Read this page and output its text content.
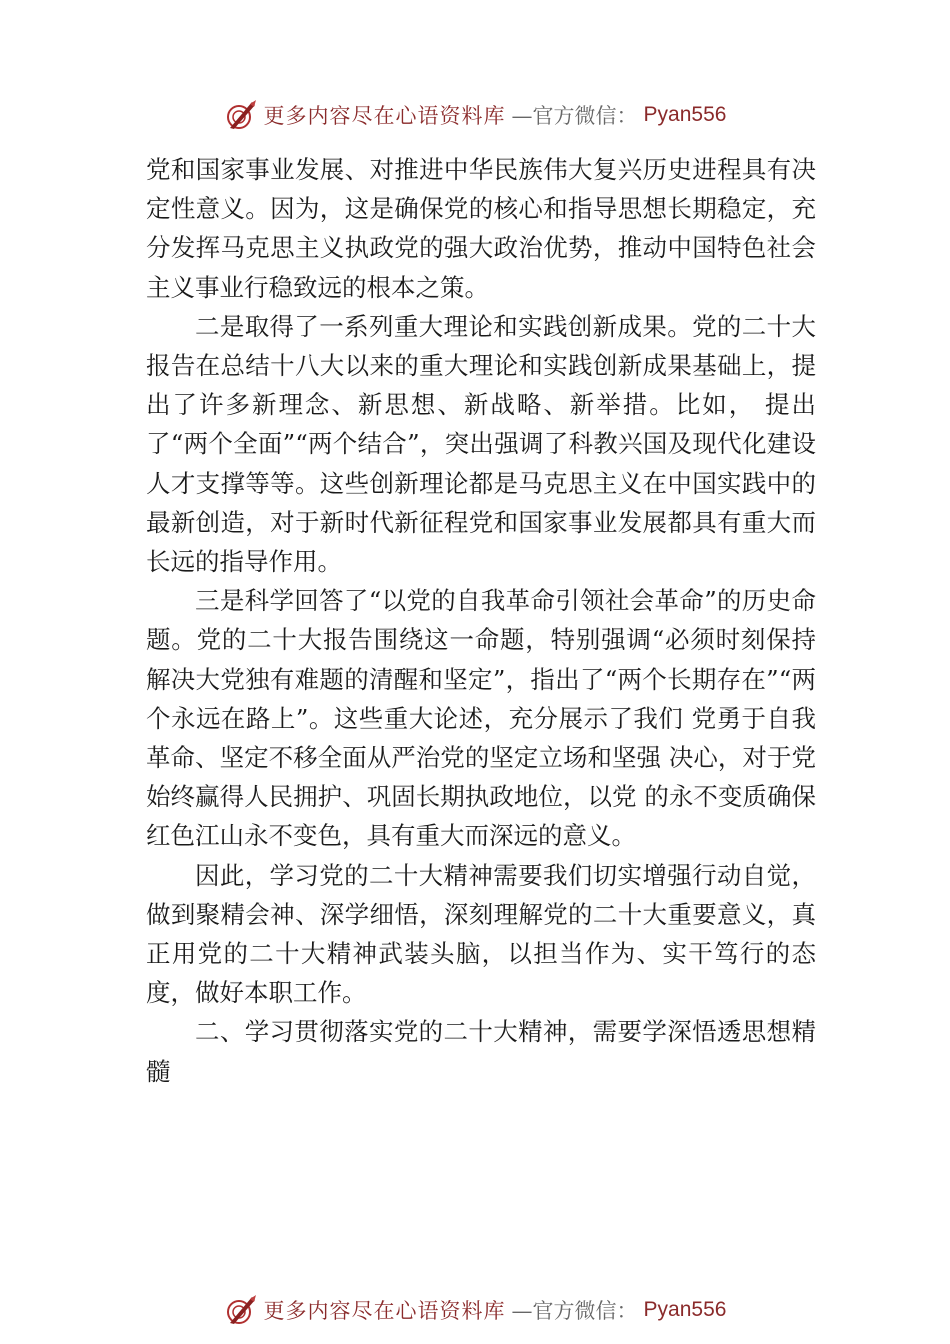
更多内容尽在心语资料库 —官方微信： Pyan556

党和国家事业发展、对推进中华民族伟大复兴历史进程具有决定性意义。因为，这是确保党的核心和指导思想长期稳定，充分发挥马克思主义执政党的强大政治优势，推动中国特色社会主义事业行稳致远的根本之策。

二是取得了一系列重大理论和实践创新成果。党的二十大报告在总结十八大以来的重大理论和实践创新成果基础上，提出了许多新理念、新思想、新战略、新举措。比如， 提出了“两个全面”“两个结合”，突出强调了科教兴国及现代化建设人才支撑等等。这些创新理论都是马克思主义在中国实践中的最新创造，对于新时代新征程党和国家事业发展都具有重大而长远的指导作用。

三是科学回答了“以党的自我革命引领社会革命”的历史命题。党的二十大报告围绕这一命题，特别强调“必须时刻保持解决大党独有难题的清醒和坚定”，指出了“两个长期存在”“两个永远在路上”。这些重大论述，充分展示了我们 党勇于自我革命、坚定不移全面从严治党的坚定立场和坚强 决心，对于党始终赢得人民拥护、巩固长期执政地位，以党 的永不变质确保红色江山永不变色，具有重大而深远的意义。

因此，学习党的二十大精神需要我们切实增强行动自觉，做到聚精会神、深学细悟，深刻理解党的二十大重要意义，真正用党的二十大精神武装头脑，以担当作为、实干笃行的态度，做好本职工作。

二、学习贯彻落实党的二十大精神，需要学深悟透思想精髓

更多内容尽在心语资料库 —官方微信： Pyan556
